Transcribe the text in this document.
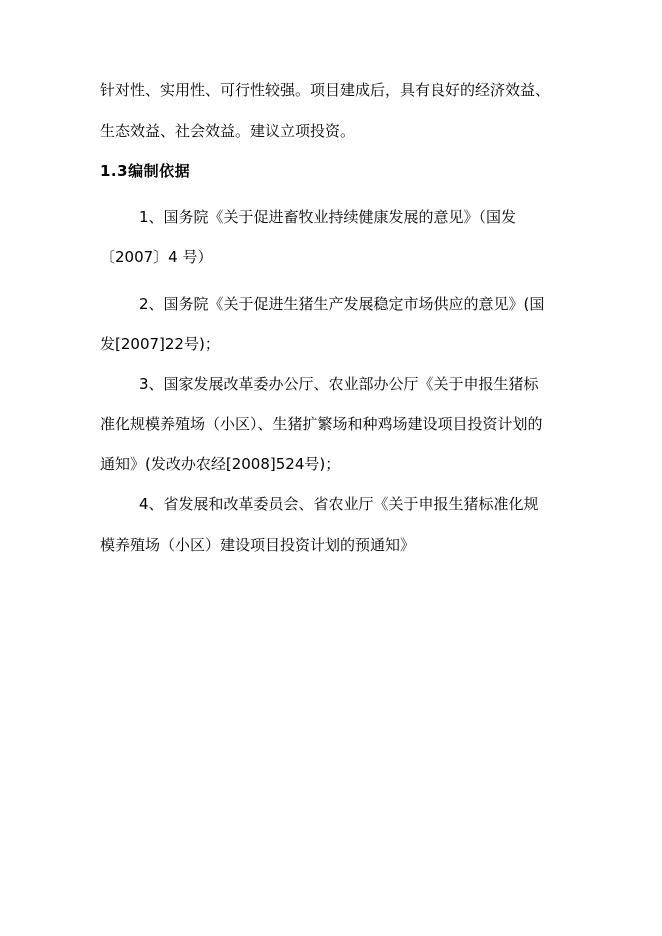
针对性、实用性、可行性较强。项目建成后，具有良好的经济效益、
生态效益、社会效益。建议立项投资。
1.3编制依据
1、国务院《关于促进畜牧业持续健康发展的意见》（国发
〔2007〕4 号）
2、国务院《关于促进生猪生产发展稳定市场供应的意见》(国
发[2007]22号)；
3、国家发展改革委办公厅、农业部办公厅《关于申报生猪标
准化规模养殖场（小区）、生猪扩繁场和种鸡场建设项目投资计划的
通知》(发改办农经[2008]524号)；
4、省发展和改革委员会、省农业厅《关于申报生猪标准化规
模养殖场（小区）建设项目投资计划的预通知》
